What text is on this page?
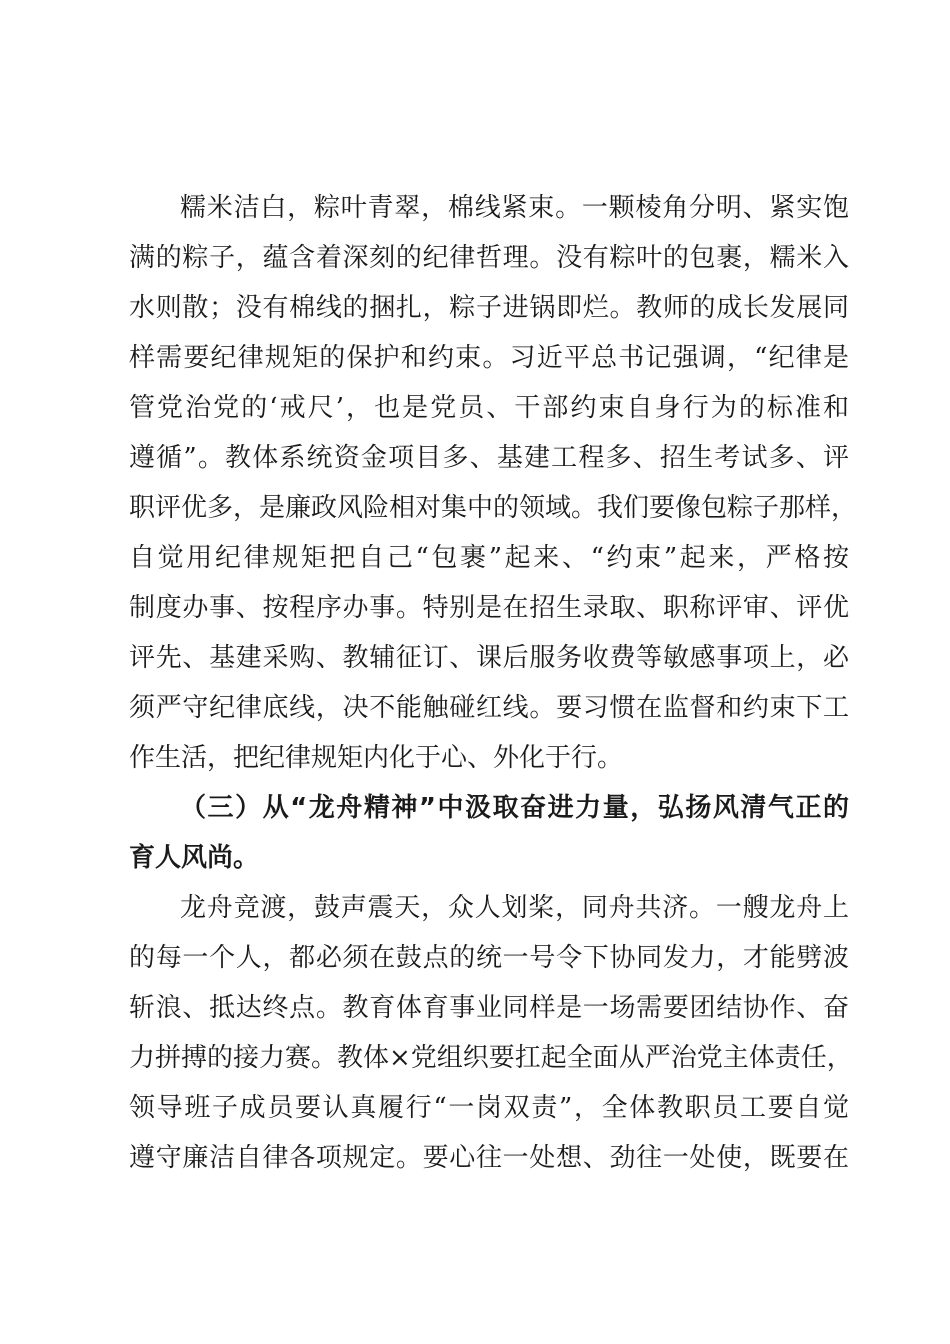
糯米洁白，粽叶青翠，棉线紧束。一颗棱角分明、紧实饱
满的粽子，蕴含着深刻的纪律哲理。没有粽叶的包裹，糯米入
水则散；没有棉线的捆扎，粽子进锅即烂。教师的成长发展同
样需要纪律规矩的保护和约束。习近平总书记强调，“纪律是
管党治党的‘戒尺’，也是党员、干部约束自身行为的标准和
遵循”。教体系统资金项目多、基建工程多、招生考试多、评
职评优多，是廉政风险相对集中的领域。我们要像包粽子那样，
自觉用纪律规矩把自己“包裹”起来、“约束”起来，严格按
制度办事、按程序办事。特别是在招生录取、职称评审、评优
评先、基建采购、教辅征订、课后服务收费等敏感事项上，必
须严守纪律底线，决不能触碰红线。要习惯在监督和约束下工
作生活，把纪律规矩内化于心、外化于行。
（三）从“龙舟精神”中汲取奋进力量，弘扬风清气正的
育人风尚。
龙舟竞渡，鼓声震天，众人划桨，同舟共济。一艘龙舟上
的每一个人，都必须在鼓点的统一号令下协同发力，才能劈波
斩浪、抵达终点。教育体育事业同样是一场需要团结协作、奋
力拼搏的接力赛。教体×党组织要扛起全面从严治党主体责任，
领导班子成员要认真履行“一岗双责”，全体教职员工要自觉
遵守廉洁自律各项规定。要心往一处想、劲往一处使，既要在
